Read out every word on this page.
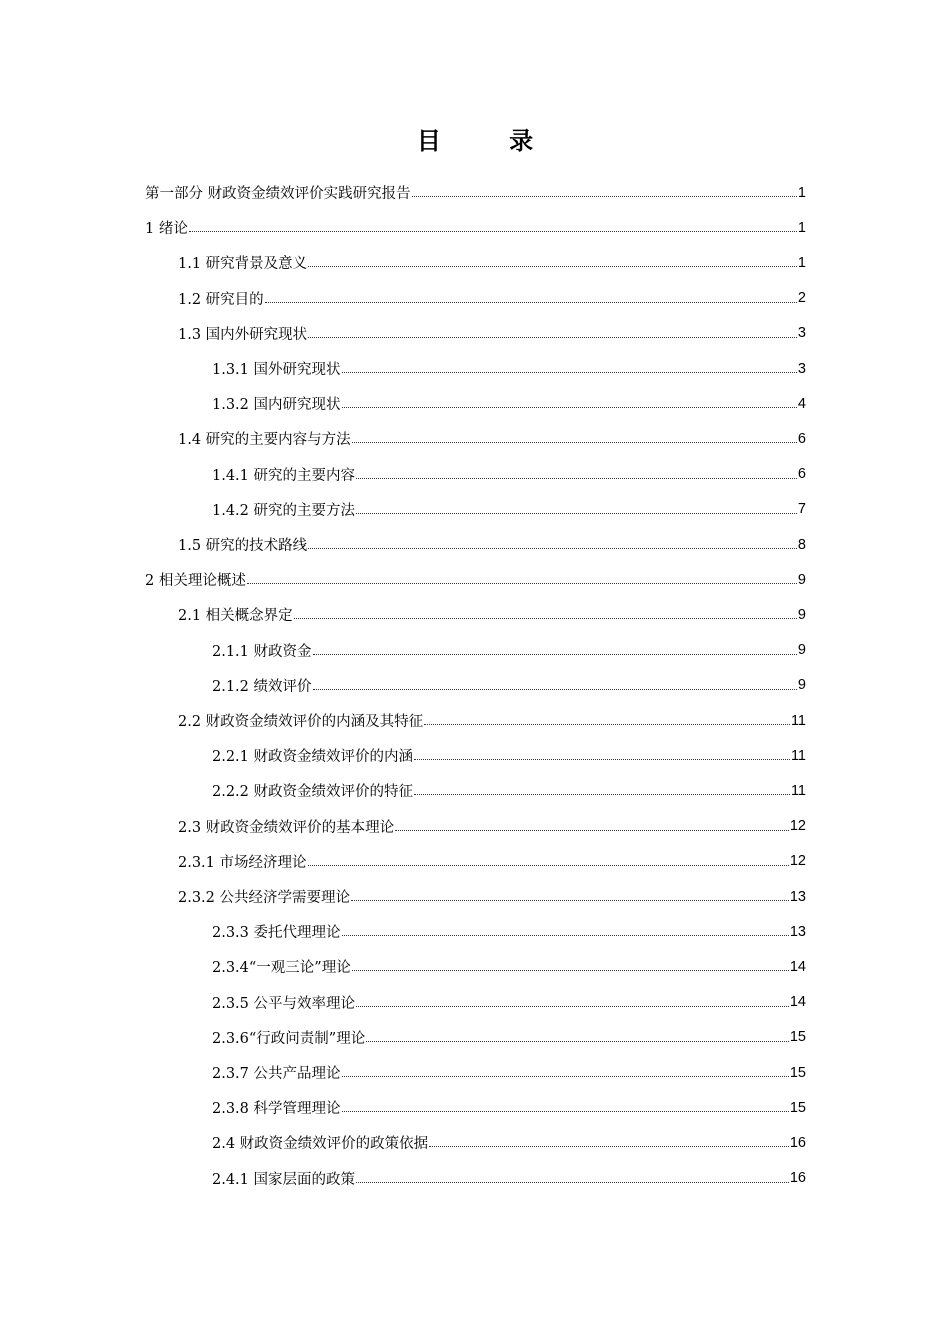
目 录
第一部分 财政资金绩效评价实践研究报告	1
1 绪论	1
1.1 研究背景及意义	1
1.2 研究目的	2
1.3 国内外研究现状	3
1.3.1 国外研究现状	3
1.3.2 国内研究现状	4
1.4 研究的主要内容与方法	6
1.4.1 研究的主要内容	6
1.4.2 研究的主要方法	7
1.5 研究的技术路线	8
2 相关理论概述	9
2.1 相关概念界定	9
2.1.1 财政资金	9
2.1.2 绩效评价	9
2.2 财政资金绩效评价的内涵及其特征	11
2.2.1 财政资金绩效评价的内涵	11
2.2.2 财政资金绩效评价的特征	11
2.3 财政资金绩效评价的基本理论	12
2.3.1 市场经济理论	12
2.3.2 公共经济学需要理论	13
2.3.3 委托代理理论	13
2.3.4“一观三论”理论	14
2.3.5 公平与效率理论	14
2.3.6“行政问责制”理论	15
2.3.7 公共产品理论	15
2.3.8 科学管理理论	15
2.4 财政资金绩效评价的政策依据	16
2.4.1 国家层面的政策	16
